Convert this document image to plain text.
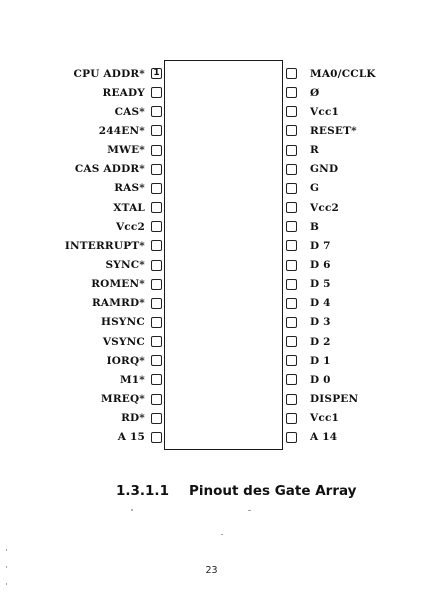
CPU ADDR* 1
READY
CAS*
244EN*
MWE*
CAS ADDR*
RAS*
XTAL
Vcc2
INTERRUPT*
SYNC*
ROMEN*
RAMRD*
HSYNC
VSYNC
IORQ*
M1*
MREQ*
RD*
A 15
MA0/CCLK
Ø
Vcc1
RESET*
R
GND
G
Vcc2
B
D 7
D 6
D 5
D 4
D 3
D 2
D 1
D 0
DISPEN
Vcc1
A 14
1.3.1.1 Pinout des Gate Array
23
